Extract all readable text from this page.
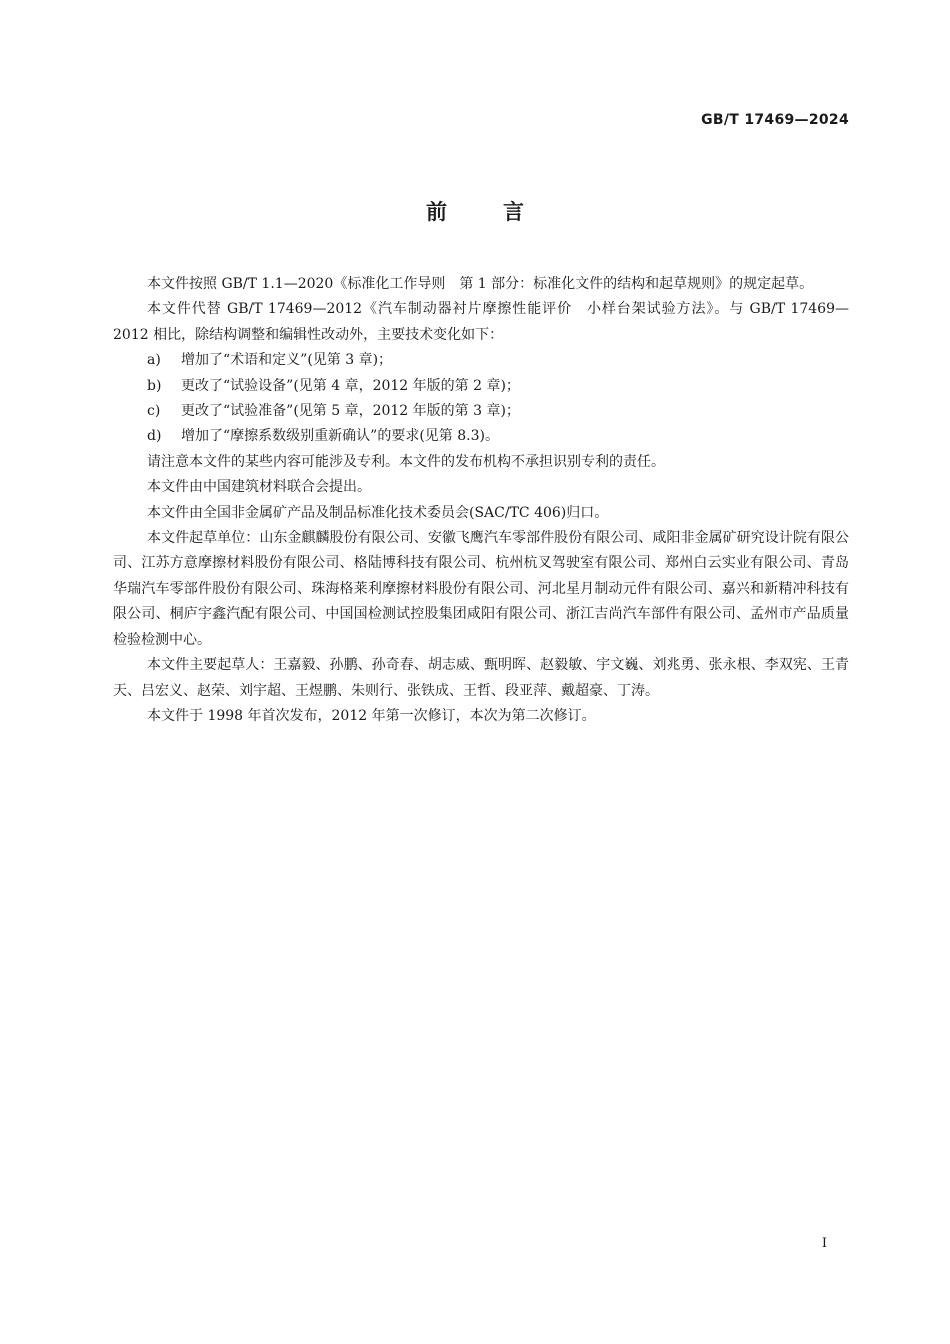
GB/T 17469—2024
前言

本文件按照 GB/T 1.1—2020《标准化工作导则　第 1 部分：标准化文件的结构和起草规则》的规定起草。

本文件代替 GB/T 17469—2012《汽车制动器衬片摩擦性能评价　小样台架试验方法》。与 GB/T 17469—2012 相比，除结构调整和编辑性改动外，主要技术变化如下：

a) 增加了“术语和定义”(见第 3 章)；

b) 更改了“试验设备”(见第 4 章，2012 年版的第 2 章)；

c) 更改了“试验准备”(见第 5 章，2012 年版的第 3 章)；

d) 增加了“摩擦系数级别重新确认”的要求(见第 8.3)。

请注意本文件的某些内容可能涉及专利。本文件的发布机构不承担识别专利的责任。

本文件由中国建筑材料联合会提出。

本文件由全国非金属矿产品及制品标准化技术委员会(SAC/TC 406)归口。

本文件起草单位：山东金麒麟股份有限公司、安徽飞鹰汽车零部件股份有限公司、咸阳非金属矿研究设计院有限公司、江苏方意摩擦材料股份有限公司、格陆博科技有限公司、杭州杭叉驾驶室有限公司、郑州白云实业有限公司、青岛华瑞汽车零部件股份有限公司、珠海格莱利摩擦材料股份有限公司、河北星月制动元件有限公司、嘉兴和新精冲科技有限公司、桐庐宇鑫汽配有限公司、中国国检测试控股集团咸阳有限公司、浙江吉尚汽车部件有限公司、孟州市产品质量检验检测中心。

本文件主要起草人：王嘉毅、孙鹏、孙奇春、胡志威、甄明晖、赵毅敏、宇文巍、刘兆勇、张永根、李双宪、王青天、吕宏义、赵荣、刘宇超、王煜鹏、朱则行、张铁成、王哲、段亚萍、戴超豪、丁涛。

本文件于 1998 年首次发布，2012 年第一次修订，本次为第二次修订。

I
